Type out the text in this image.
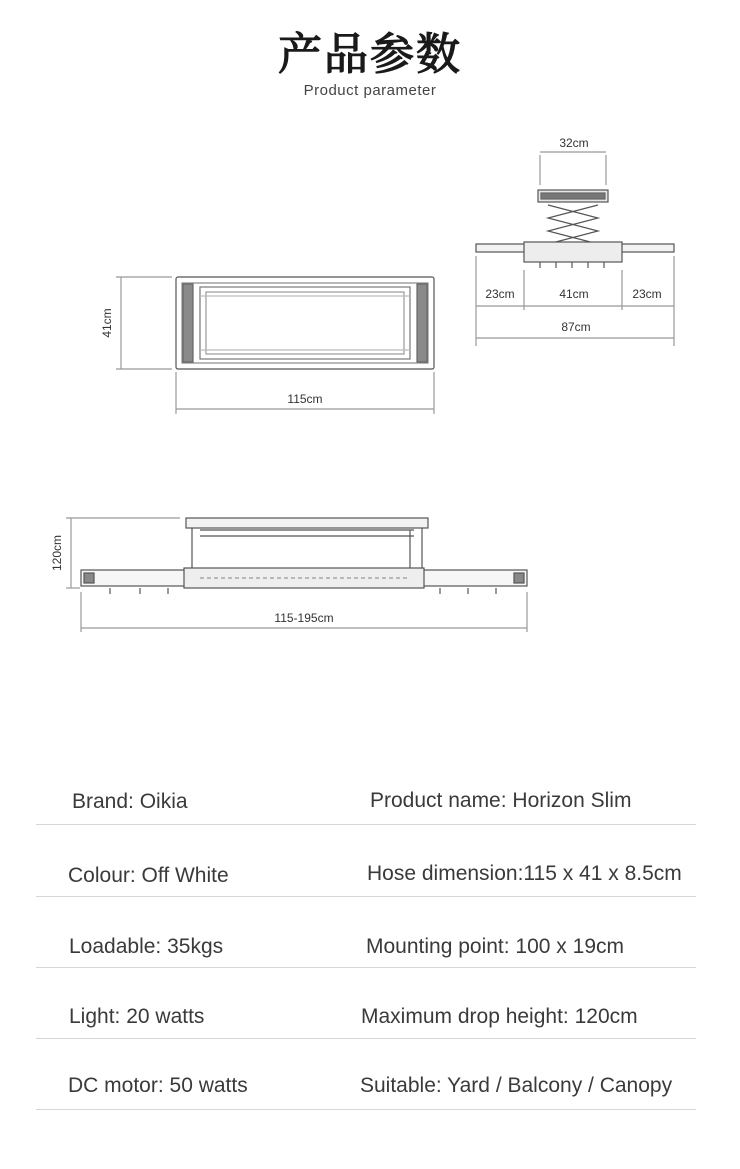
产品参数
Product parameter
115cm
41cm
32cm
23cm	41cm	23cm
87cm
120cm
115-195cm
Brand: Oikia	Product name: Horizon Slim
Colour: Off White	Hose dimension:115 x 41 x 8.5cm
Loadable: 35kgs	Mounting point: 100 x 19cm
Light: 20 watts	Maximum drop height: 120cm
DC motor: 50 watts	Suitable: Yard / Balcony / Canopy
